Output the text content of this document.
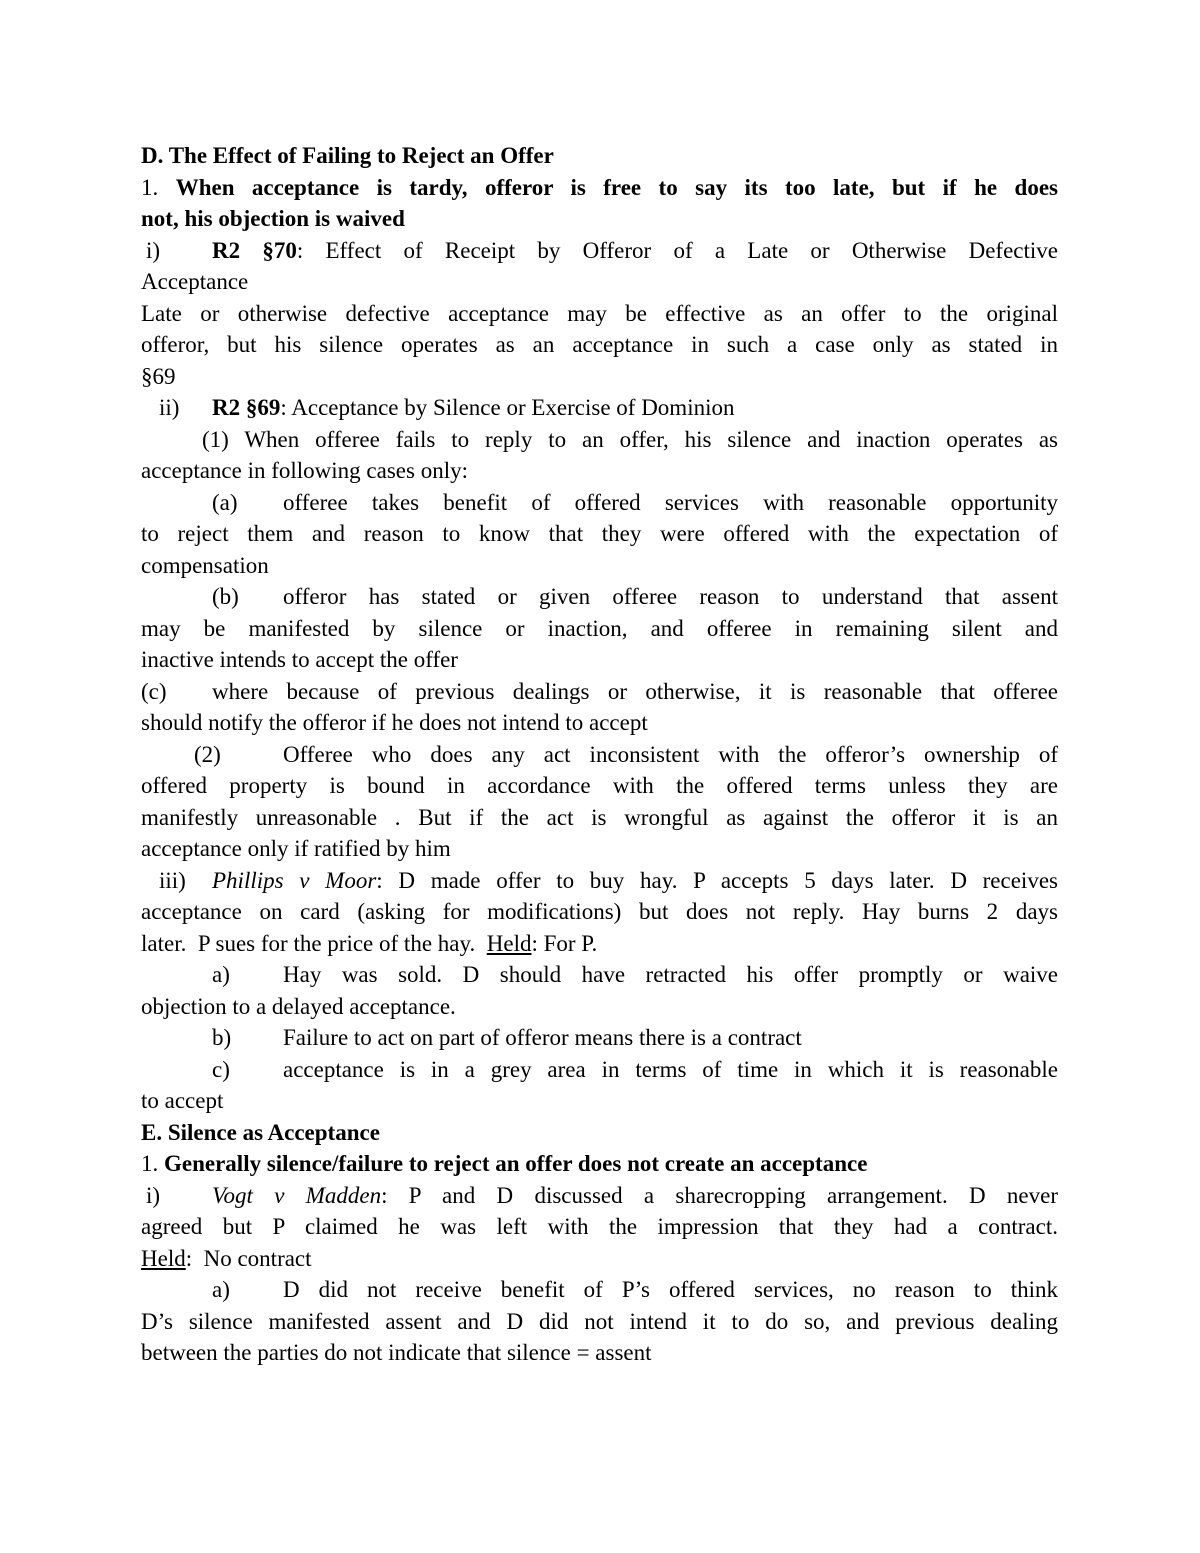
D. The Effect of Failing to Reject an Offer
1. When acceptance is tardy, offeror is free to say its too late, but if he does
not, his objection is waived
i) R2 §70: Effect of Receipt by Offeror of a Late or Otherwise Defective
Acceptance
Late or otherwise defective acceptance may be effective as an offer to the original
offeror, but his silence operates as an acceptance in such a case only as stated in
§69
ii) R2 §69: Acceptance by Silence or Exercise of Dominion
(1) When offeree fails to reply to an offer, his silence and inaction operates as
acceptance in following cases only:
(a) offeree takes benefit of offered services with reasonable opportunity
to reject them and reason to know that they were offered with the expectation of
compensation
(b) offeror has stated or given offeree reason to understand that assent
may be manifested by silence or inaction, and offeree in remaining silent and
inactive intends to accept the offer
(c) where because of previous dealings or otherwise, it is reasonable that offeree
should notify the offeror if he does not intend to accept
(2)	Offeree who does any act inconsistent with the offeror’s ownership of
offered property is bound in accordance with the offered terms unless they are
manifestly unreasonable . But if the act is wrongful as against the offeror it is an
acceptance only if ratified by him
iii) Phillips v Moor: D made offer to buy hay. P accepts 5 days later. D receives
acceptance on card (asking for modifications) but does not reply. Hay burns 2 days
later.  P sues for the price of the hay.  Held: For P.
a) Hay was sold. D should have retracted his offer promptly or waive
objection to a delayed acceptance.
b) Failure to act on part of offeror means there is a contract
c) acceptance is in a grey area in terms of time in which it is reasonable
to accept
E. Silence as Acceptance
1. Generally silence/failure to reject an offer does not create an acceptance
i) Vogt v Madden: P and D discussed a sharecropping arrangement. D never
agreed but P claimed he was left with the impression that they had a contract.
Held:  No contract
a) D did not receive benefit of P’s offered services, no reason to think
D’s silence manifested assent and D did not intend it to do so, and previous dealing
between the parties do not indicate that silence = assent
